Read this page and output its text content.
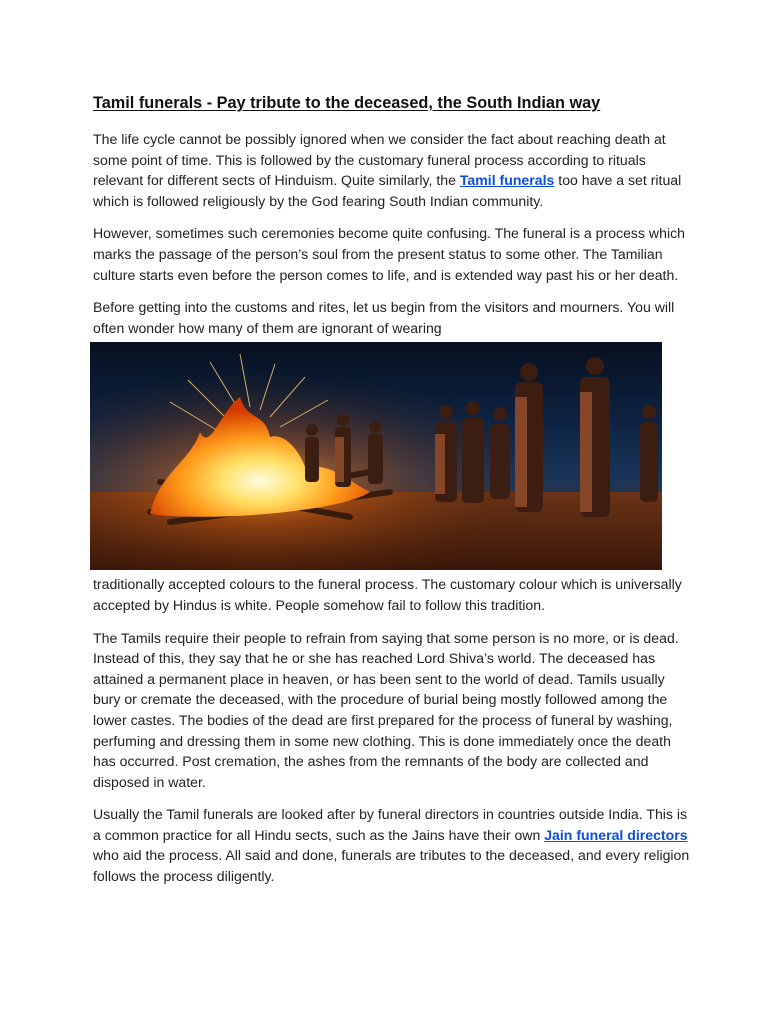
Tamil funerals - Pay tribute to the deceased, the South Indian way

The life cycle cannot be possibly ignored when we consider the fact about reaching death at some point of time. This is followed by the customary funeral process according to rituals relevant for different sects of Hinduism. Quite similarly, the Tamil funerals too have a set ritual which is followed religiously by the God fearing South Indian community.

However, sometimes such ceremonies become quite confusing. The funeral is a process which marks the passage of the person’s soul from the present status to some other. The Tamilian culture starts even before the person comes to life, and is extended way past his or her death.

Before getting into the customs and rites, let us begin from the visitors and mourners. You will often wonder how many of them are ignorant of wearing

traditionally accepted colours to the funeral process. The customary colour which is universally accepted by Hindus is white. People somehow fail to follow this tradition.

The Tamils require their people to refrain from saying that some person is no more, or is dead. Instead of this, they say that he or she has reached Lord Shiva’s world. The deceased has attained a permanent place in heaven, or has been sent to the world of dead. Tamils usually bury or cremate the deceased, with the procedure of burial being mostly followed among the lower castes. The bodies of the dead are first prepared for the process of funeral by washing, perfuming and dressing them in some new clothing. This is done immediately once the death has occurred. Post cremation, the ashes from the remnants of the body are collected and disposed in water.

Usually the Tamil funerals are looked after by funeral directors in countries outside India. This is a common practice for all Hindu sects, such as the Jains have their own Jain funeral directors who aid the process. All said and done, funerals are tributes to the deceased, and every religion follows the process diligently.
